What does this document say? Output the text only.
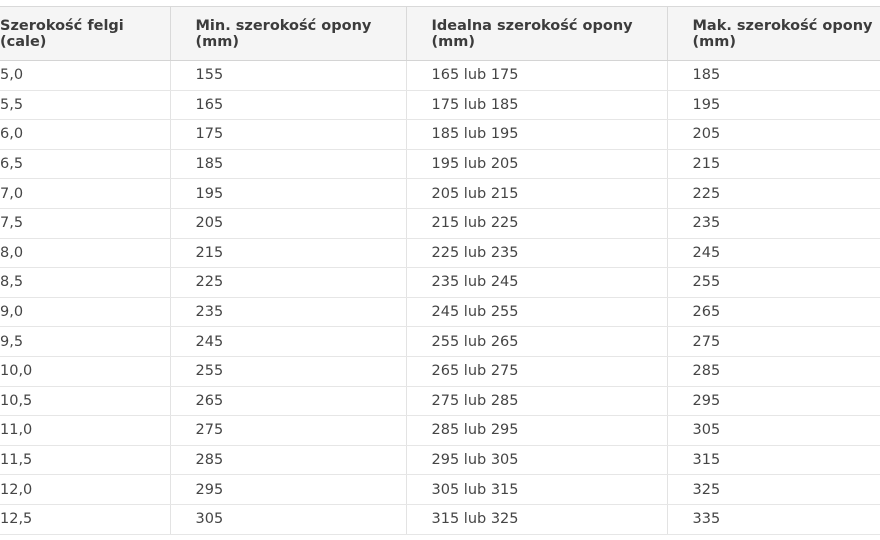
Szerokość felgi (cale)	Min. szerokość opony (mm)	Idealna szerokość opony (mm)	Mak. szerokość opony (mm)
5,0	155	165 lub 175	185
5,5	165	175 lub 185	195
6,0	175	185 lub 195	205
6,5	185	195 lub 205	215
7,0	195	205 lub 215	225
7,5	205	215 lub 225	235
8,0	215	225 lub 235	245
8,5	225	235 lub 245	255
9,0	235	245 lub 255	265
9,5	245	255 lub 265	275
10,0	255	265 lub 275	285
10,5	265	275 lub 285	295
11,0	275	285 lub 295	305
11,5	285	295 lub 305	315
12,0	295	305 lub 315	325
12,5	305	315 lub 325	335
